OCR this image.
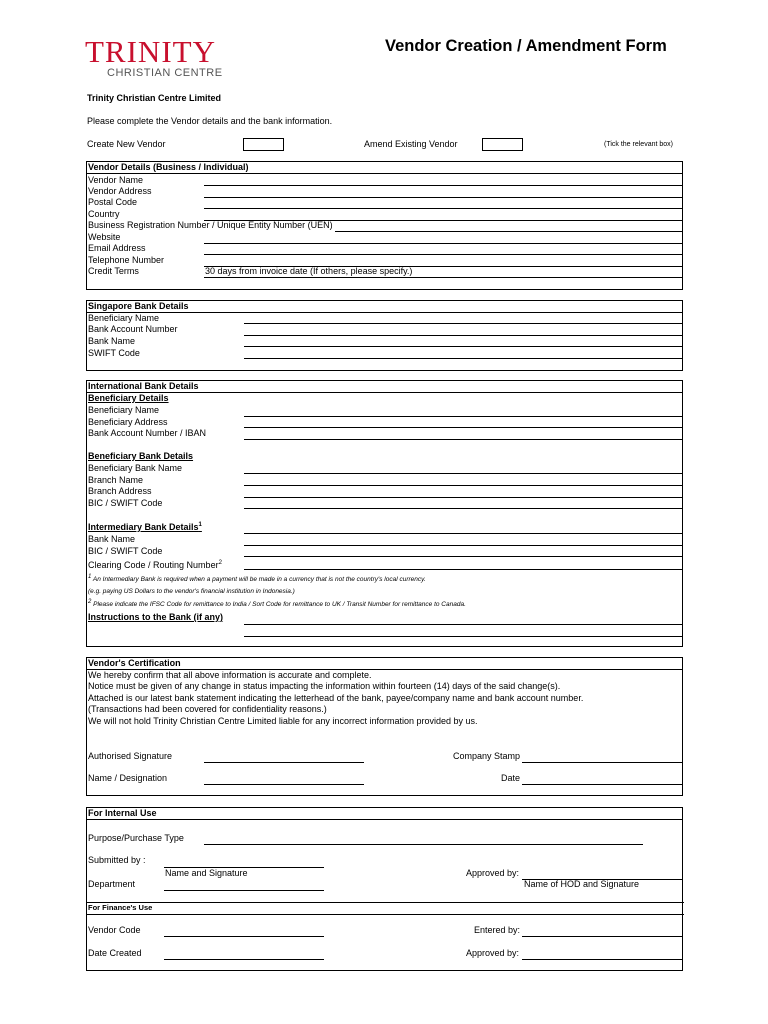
TRINITY
CHRISTIAN CENTRE
Vendor Creation / Amendment Form
Trinity Christian Centre Limited
Please complete the Vendor details and the bank information.
Create New Vendor	Amend Existing Vendor	(Tick the relevant box)
Vendor Details (Business / Individual)
Vendor Name
Vendor Address
Postal Code
Country
Business Registration Number / Unique Entity Number (UEN)
Website
Email Address
Telephone Number
Credit Terms	30 days from invoice date (If others, please specify.)
Singapore Bank Details
Beneficiary Name
Bank Account Number
Bank Name
SWIFT Code
International Bank Details
Beneficiary Details
Beneficiary Name
Beneficiary Address
Bank Account Number / IBAN
Beneficiary Bank Details
Beneficiary Bank Name
Branch Name
Branch Address
BIC / SWIFT Code
Intermediary Bank Details$^1$
Bank Name
BIC / SWIFT Code
Clearing Code / Routing Number$^2$
$^1$ An Intermediary Bank is required when a payment will be made in a currency that is not the country's local currency.
(e.g. paying US Dollars to the vendor's financial institution in Indonesia.)
$^2$ Please indicate the IFSC Code for remittance to India / Sort Code for remittance to UK / Transit Number for remittance to Canada.
Instructions to the Bank (if any)
Vendor's Certification
We hereby confirm that all above information is accurate and complete.
Notice must be given of any change in status impacting the information within fourteen (14) days of the said change(s).
Attached is our latest bank statement indicating the letterhead of the bank, payee/company name and bank account number.
(Transactions had been covered for confidentiality reasons.)
We will not hold Trinity Christian Centre Limited liable for any incorrect information provided by us.
Authorised Signature	Company Stamp
Name / Designation	Date
For Internal Use
Purpose/Purchase Type
Submitted by :
Name and Signature	Approved by:
Department	Name of HOD and Signature
For Finance's Use
Vendor Code	Entered by:
Date Created	Approved by:
